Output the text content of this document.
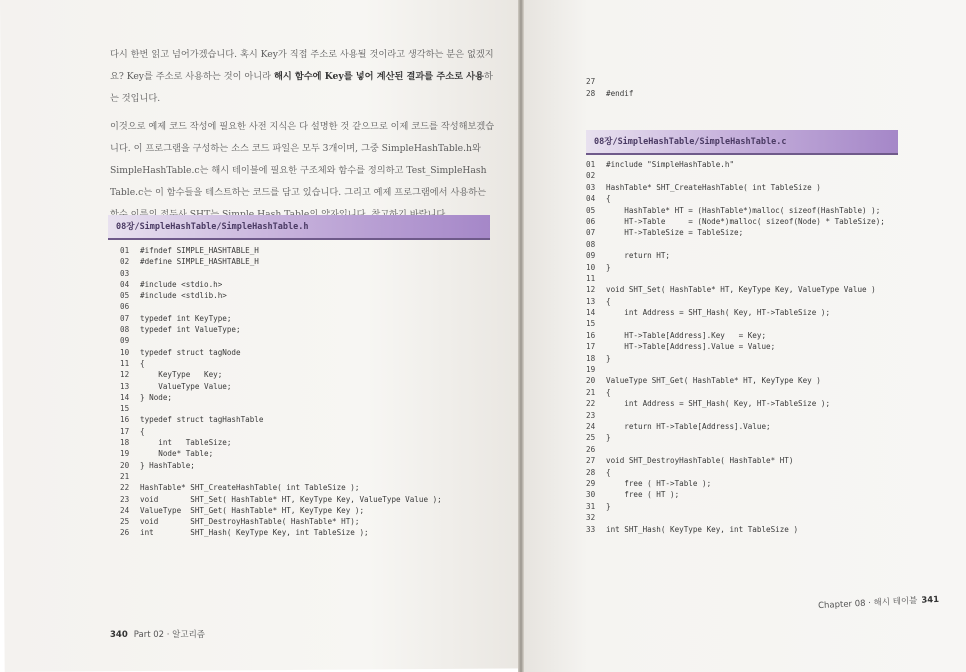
다시 한번 읽고 넘어가겠습니다. 혹시 Key가 직접 주소로 사용될 것이라고 생각하는 분은 없겠지요? Key를 주소로 사용하는 것이 아니라 해시 함수에 Key를 넣어 계산된 결과를 주소로 사용하는 것입니다.

이것으로 예제 코드 작성에 필요한 사전 지식은 다 설명한 것 같으므로 이제 코드를 작성해보겠습니다. 이 프로그램을 구성하는 소스 코드 파일은 모두 3개이며, 그중 SimpleHashTable.h와 SimpleHashTable.c는 해시 테이블에 필요한 구조체와 함수를 정의하고 Test_SimpleHash Table.c는 이 함수들을 테스트하는 코드를 담고 있습니다. 그리고 예제 프로그램에서 사용하는

08장/SimpleHashTable/SimpleHashTable.h
01	#ifndef SIMPLE_HASHTABLE_H
02	#define SIMPLE_HASHTABLE_H
03
04	#include <stdio.h>
05	#include <stdlib.h>
06
07	typedef int KeyType;
08	typedef int ValueType;
09
10	typedef struct tagNode
11	{
12	KeyType   Key;
13	ValueType Value;
14	} Node;
15
16	typedef struct tagHashTable
17	{
18	int   TableSize;
19	Node* Table;
20	} HashTable;
21
22	HashTable* SHT_CreateHashTable( int TableSize );
23	void       SHT_Set( HashTable* HT, KeyType Key, ValueType Value );
24	ValueType  SHT_Get( HashTable* HT, KeyType Key );
25	void       SHT_DestroyHashTable( HashTable* HT);
26	int        SHT_Hash( KeyType Key, int TableSize );
340 Part 02 · 알고리즘
27
28	#endif
08장/SimpleHashTable/SimpleHashTable.c
01	#include "SimpleHashTable.h"
02
03	HashTable* SHT_CreateHashTable( int TableSize )
04	{
05	HashTable* HT = (HashTable*)malloc( sizeof(HashTable) );
06	HT->Table     = (Node*)malloc( sizeof(Node) * TableSize);
07	HT->TableSize = TableSize;
08
09	return HT;
10	}
11
12	void SHT_Set( HashTable* HT, KeyType Key, ValueType Value )
13	{
14	int Address = SHT_Hash( Key, HT->TableSize );
15
16	HT->Table[Address].Key   = Key;
17	HT->Table[Address].Value = Value;
18	}
19
20	ValueType SHT_Get( HashTable* HT, KeyType Key )
21	{
22	int Address = SHT_Hash( Key, HT->TableSize );
23
24	return HT->Table[Address].Value;
25	}
26
27	void SHT_DestroyHashTable( HashTable* HT)
28	{
29	free ( HT->Table );
30	free ( HT );
31	}
32
33	int SHT_Hash( KeyType Key, int TableSize )
Chapter 08 · 해시 테이블 341
